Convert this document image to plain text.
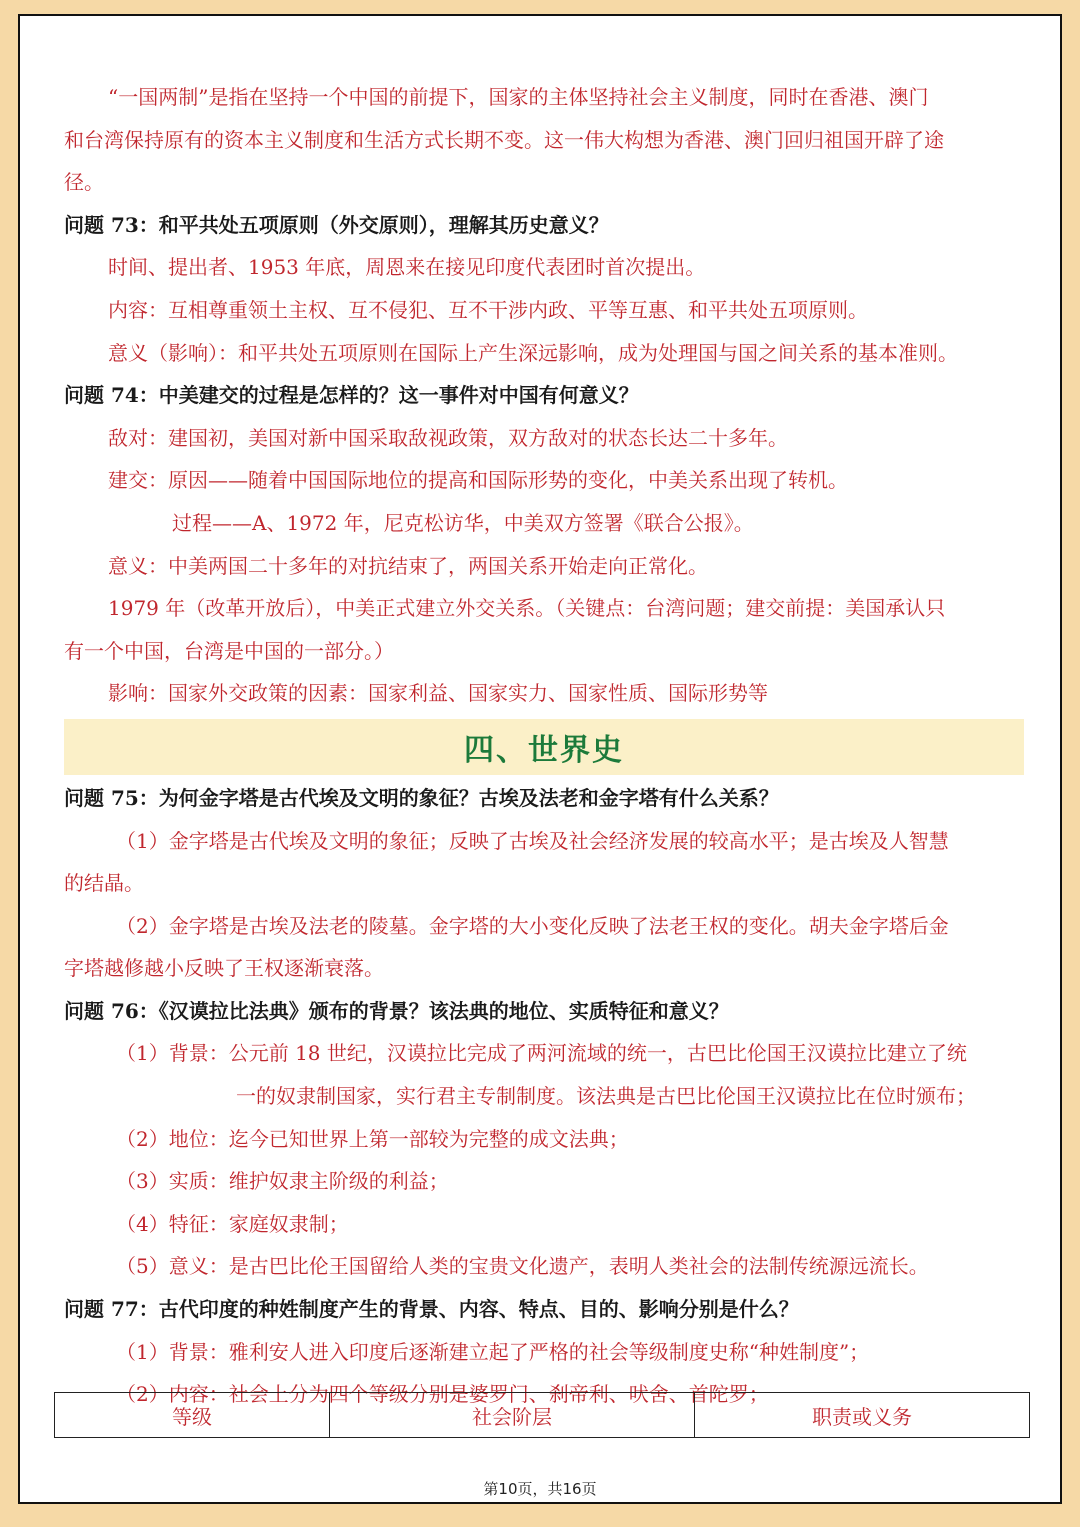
“一国两制”是指在坚持一个中国的前提下，国家的主体坚持社会主义制度，同时在香港、澳门
和台湾保持原有的资本主义制度和生活方式长期不变。这一伟大构想为香港、澳门回归祖国开辟了途
径。
问题 73：和平共处五项原则（外交原则），理解其历史意义？
时间、提出者、1953 年底，周恩来在接见印度代表团时首次提出。
内容：互相尊重领土主权、互不侵犯、互不干涉内政、平等互惠、和平共处五项原则。
意义（影响）：和平共处五项原则在国际上产生深远影响，成为处理国与国之间关系的基本准则。
问题 74：中美建交的过程是怎样的？这一事件对中国有何意义？
敌对：建国初，美国对新中国采取敌视政策，双方敌对的状态长达二十多年。
建交：原因——随着中国国际地位的提高和国际形势的变化，中美关系出现了转机。
过程——A、1972 年，尼克松访华，中美双方签署《联合公报》。
意义：中美两国二十多年的对抗结束了，两国关系开始走向正常化。
1979 年（改革开放后），中美正式建立外交关系。（关键点：台湾问题；建交前提：美国承认只
有一个中国，台湾是中国的一部分。）
影响：国家外交政策的因素：国家利益、国家实力、国家性质、国际形势等
四、世界史
问题 75：为何金字塔是古代埃及文明的象征？古埃及法老和金字塔有什么关系？
（1）金字塔是古代埃及文明的象征；反映了古埃及社会经济发展的较高水平；是古埃及人智慧
的结晶。
（2）金字塔是古埃及法老的陵墓。金字塔的大小变化反映了法老王权的变化。胡夫金字塔后金
字塔越修越小反映了王权逐渐衰落。
问题 76：《汉谟拉比法典》颁布的背景？该法典的地位、实质特征和意义？
（1）背景：公元前 18 世纪，汉谟拉比完成了两河流域的统一，古巴比伦国王汉谟拉比建立了统
一的奴隶制国家，实行君主专制制度。该法典是古巴比伦国王汉谟拉比在位时颁布；
（2）地位：迄今已知世界上第一部较为完整的成文法典；
（3）实质：维护奴隶主阶级的利益；
（4）特征：家庭奴隶制；
（5）意义：是古巴比伦王国留给人类的宝贵文化遗产，表明人类社会的法制传统源远流长。
问题 77：古代印度的种姓制度产生的背景、内容、特点、目的、影响分别是什么？
（1）背景：雅利安人进入印度后逐渐建立起了严格的社会等级制度史称“种姓制度”；
（2）内容：社会上分为四个等级分别是婆罗门、刹帝利、吠舍、首陀罗；
等级	社会阶层	职责或义务
第10页，共16页
